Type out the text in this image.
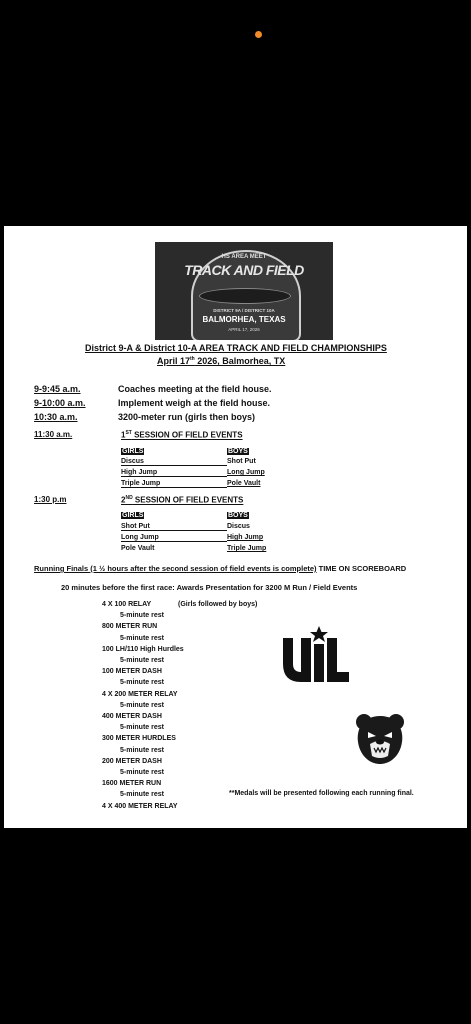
HS AREA MEET
TRACK AND FIELD
DISTRICT 9A / DISTRICT 10A
BALMORHEA, TEXAS
APRIL 17, 2026
District 9-A & District 10-A AREA TRACK AND FIELD CHAMPIONSHIPS
April 17th 2026, Balmorhea, TX
9-9:45 a.m.	Coaches meeting at the field house.
9-10:00 a.m.	Implement weigh at the field house.
10:30 a.m.	3200-meter run (girls then boys)
11:30 a.m.	1ST SESSION OF FIELD EVENTS
GIRLS	BOYS
Discus	Shot Put
High Jump	Long Jump
Triple Jump	Pole Vault
1:30 p.m	2ND SESSION OF FIELD EVENTS
GIRLS	BOYS
Shot Put	Discus
Long Jump	High Jump
Pole Vault	Triple Jump
Running Finals (1 ½ hours after the second session of field events is complete) TIME ON SCOREBOARD
20 minutes before the first race: Awards Presentation for 3200 M Run / Field Events
(Girls followed by boys)
4 X 100 RELAY
5-minute rest
800 METER RUN
5-minute rest
100 LH/110 High Hurdles
5-minute rest
100 METER DASH
5-minute rest
4 X 200 METER RELAY
5-minute rest
400 METER DASH
5-minute rest
300 METER HURDLES
5-minute rest
200 METER DASH
5-minute rest
1600 METER RUN
5-minute rest
4 X 400 METER RELAY
**Medals will be presented following each running final.
